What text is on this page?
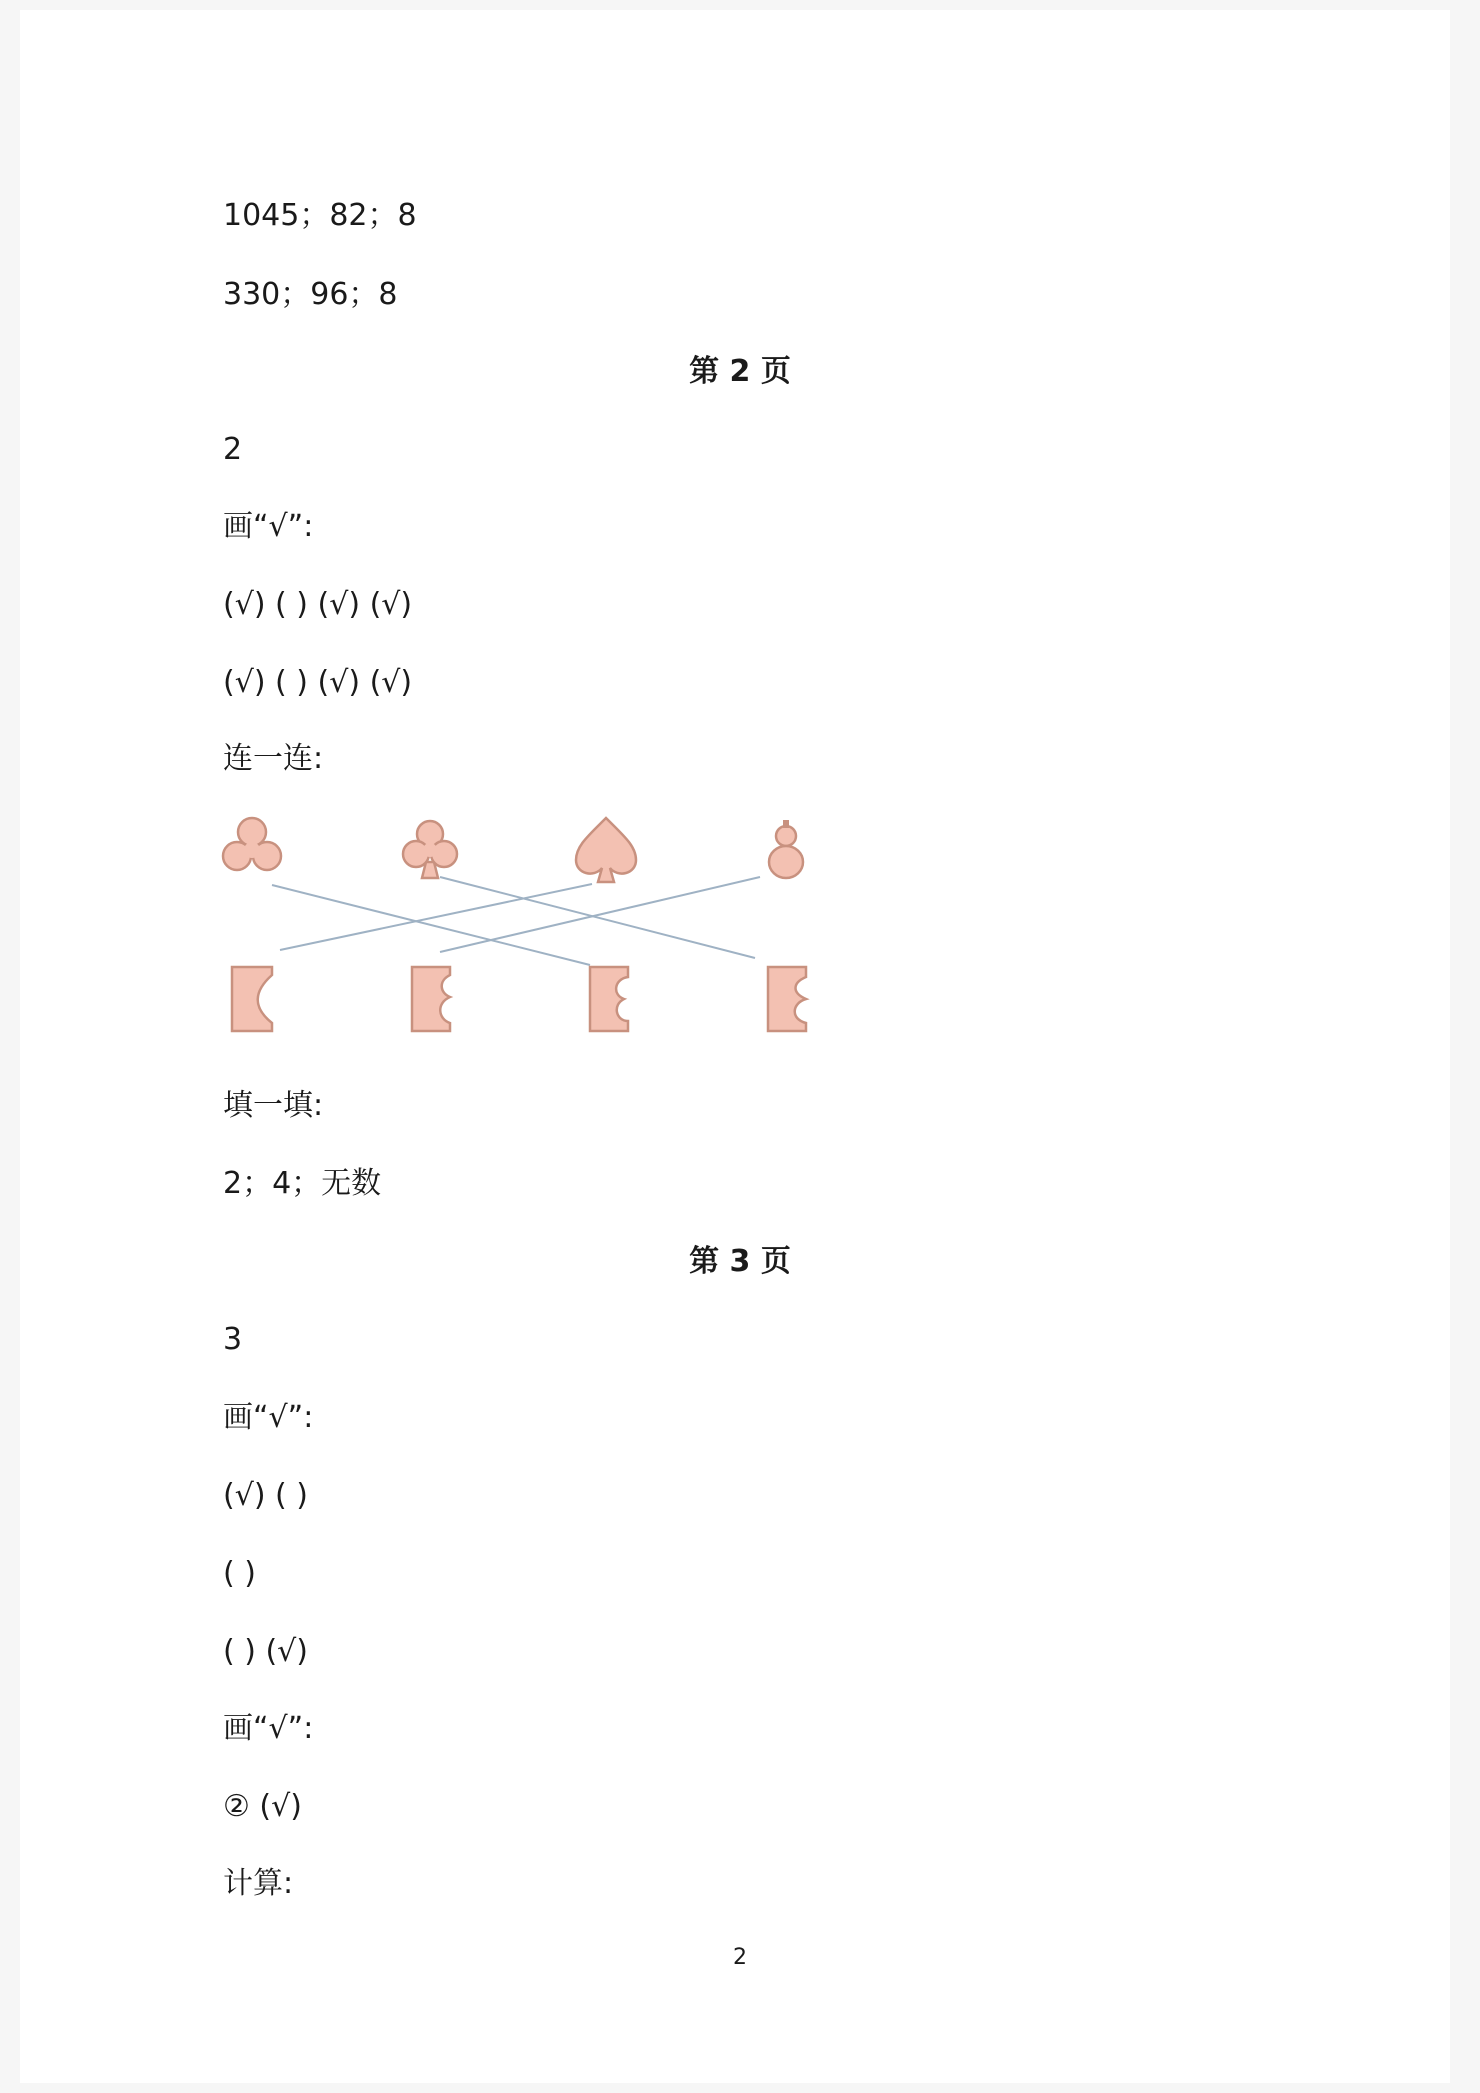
1045；82；8
330；96；8
第 2 页
2
画“√”:
(√) ( ) (√) (√)
(√) ( ) (√) (√)
连一连:
填一填:
2；4；无数
第 3 页
3
画“√”:
(√) ( )
( )
( ) (√)
画“√”:
② (√)
计算:
2
